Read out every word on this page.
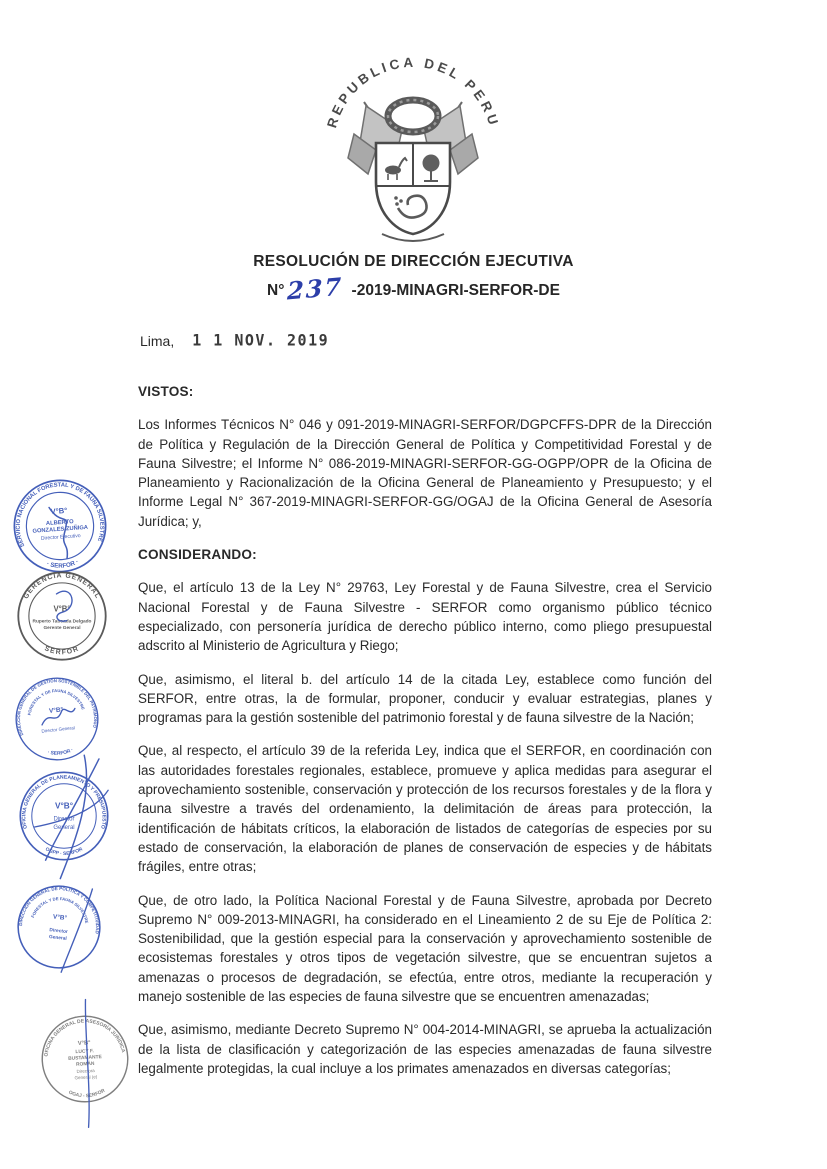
REPUBLICA DEL PERU
RESOLUCIÓN DE DIRECCIÓN EJECUTIVA
N° 237 -2019-MINAGRI-SERFOR-DE
Lima, 1 1 NOV. 2019
VISTOS:

Los Informes Técnicos N° 046 y 091-2019-MINAGRI-SERFOR/DGPCFFS-DPR de la Dirección de Política y Regulación de la Dirección General de Política y Competitividad Forestal y de Fauna Silvestre; el Informe N° 086-2019-MINAGRI-SERFOR-GG-OGPP/OPR de la Oficina de Planeamiento y Racionalización de la Oficina General de Planeamiento y Presupuesto; y el Informe Legal N° 367-2019-MINAGRI-SERFOR-GG/OGAJ de la Oficina General de Asesoría Jurídica; y,

CONSIDERANDO:

Que, el artículo 13 de la Ley N° 29763, Ley Forestal y de Fauna Silvestre, crea el Servicio Nacional Forestal y de Fauna Silvestre - SERFOR como organismo público técnico especializado, con personería jurídica de derecho público interno, como pliego presupuestal adscrito al Ministerio de Agricultura y Riego;

Que, asimismo, el literal b. del artículo 14 de la citada Ley, establece como función del SERFOR, entre otras, la de formular, proponer, conducir y evaluar estrategias, planes y programas para la gestión sostenible del patrimonio forestal y de fauna silvestre de la Nación;

Que, al respecto, el artículo 39 de la referida Ley, indica que el SERFOR, en coordinación con las autoridades forestales regionales, establece, promueve y aplica medidas para asegurar el aprovechamiento sostenible, conservación y protección de los recursos forestales y de la flora y fauna silvestre a través del ordenamiento, la delimitación de áreas para protección, la identificación de hábitats críticos, la elaboración de listados de categorías de especies por su estado de conservación, la elaboración de planes de conservación de especies y de hábitats frágiles, entre otras;

Que, de otro lado, la Política Nacional Forestal y de Fauna Silvestre, aprobada por Decreto Supremo N° 009-2013-MINAGRI, ha considerado en el Lineamiento 2 de su Eje de Política 2: Sostenibilidad, que la gestión especial para la conservación y aprovechamiento sostenible de ecosistemas forestales y otros tipos de vegetación silvestre, que se encuentran sujetos a amenazas o procesos de degradación, se efectúa, entre otros, mediante la recuperación y manejo sostenible de las especies de fauna silvestre que se encuentren amenazadas;

Que, asimismo, mediante Decreto Supremo N° 004-2014-MINAGRI, se aprueba la actualización de la lista de clasificación y categorización de las especies amenazadas de fauna silvestre legalmente protegidas, la cual incluye a los primates amenazados en diversas categorías;

SERVICIO NACIONAL FORESTAL Y DE FAUNA SILVESTRE
· SERFOR ·
V°B°
ALBERTO
GONZALES ZUÑIGA
Director Ejecutivo
GERENCIA GENERAL
SERFOR
V°B°
Ruperto Taboada Delgado
Gerente General
DIRECCIÓN GENERAL DE GESTIÓN SOSTENIBLE DEL PATRIMONIO
FORESTAL Y DE FAUNA SILVESTRE
· SERFOR ·
V°B°
Director General
OFICINA GENERAL DE PLANEAMIENTO Y PRESUPUESTO
OGPP · SERFOR
V°B°
Director
General
DIRECCIÓN GENERAL DE POLÍTICA Y COMPETITIVIDAD
FORESTAL Y DE FAUNA SILVESTRE
V°B°
Director
General
OFICINA GENERAL DE ASESORÍA JURÍDICA
OGAJ - SERFOR
V°B°
LUCY F.
BUSTAMANTE
ROMÁN
Directora
General (e)
